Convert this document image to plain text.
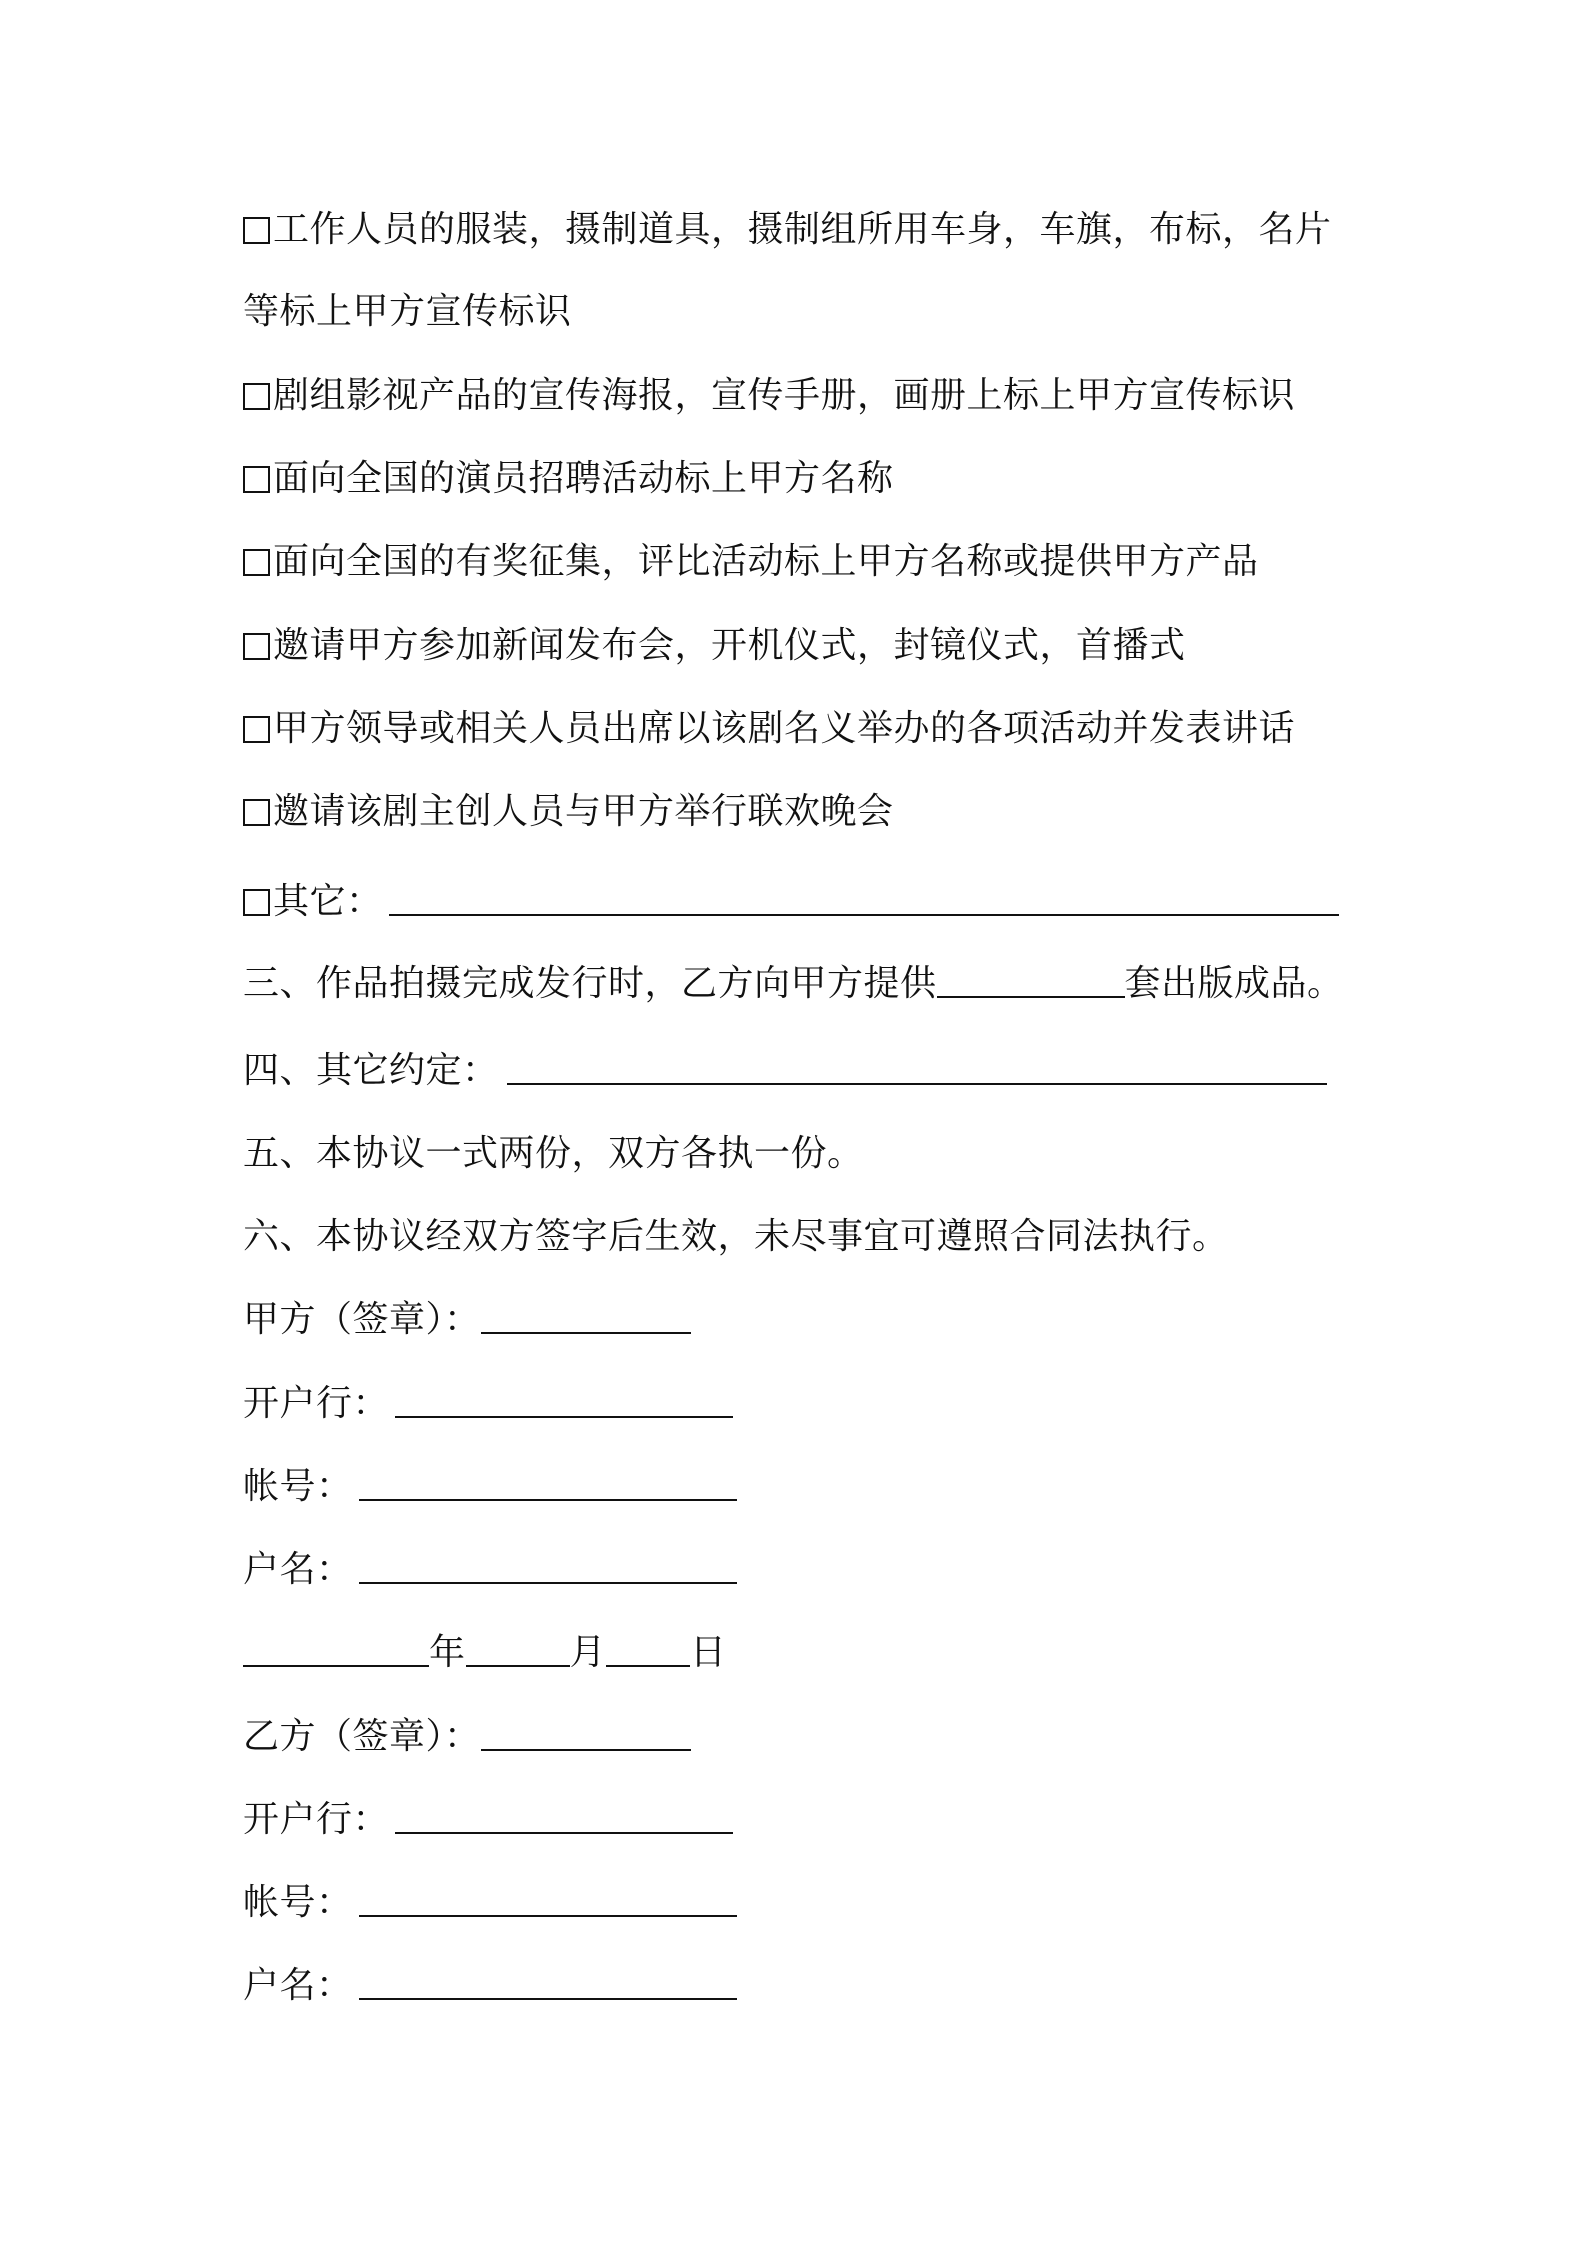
工作人员的服装，摄制道具，摄制组所用车身，车旗，布标，名片
等标上甲方宣传标识
剧组影视产品的宣传海报，宣传手册，画册上标上甲方宣传标识
面向全国的演员招聘活动标上甲方名称
面向全国的有奖征集，评比活动标上甲方名称或提供甲方产品
邀请甲方参加新闻发布会，开机仪式，封镜仪式，首播式
甲方领导或相关人员出席以该剧名义举办的各项活动并发表讲话
邀请该剧主创人员与甲方举行联欢晚会
其它：
三、作品拍摄完成发行时，乙方向甲方提供	套出版成品。
四、其它约定：
五、本协议一式两份，双方各执一份。
六、本协议经双方签字后生效，未尽事宜可遵照合同法执行。
甲方（签章）：
开户行：
帐号：
户名：
年	月 日
乙方（签章）：
开户行：
帐号：
户名：
